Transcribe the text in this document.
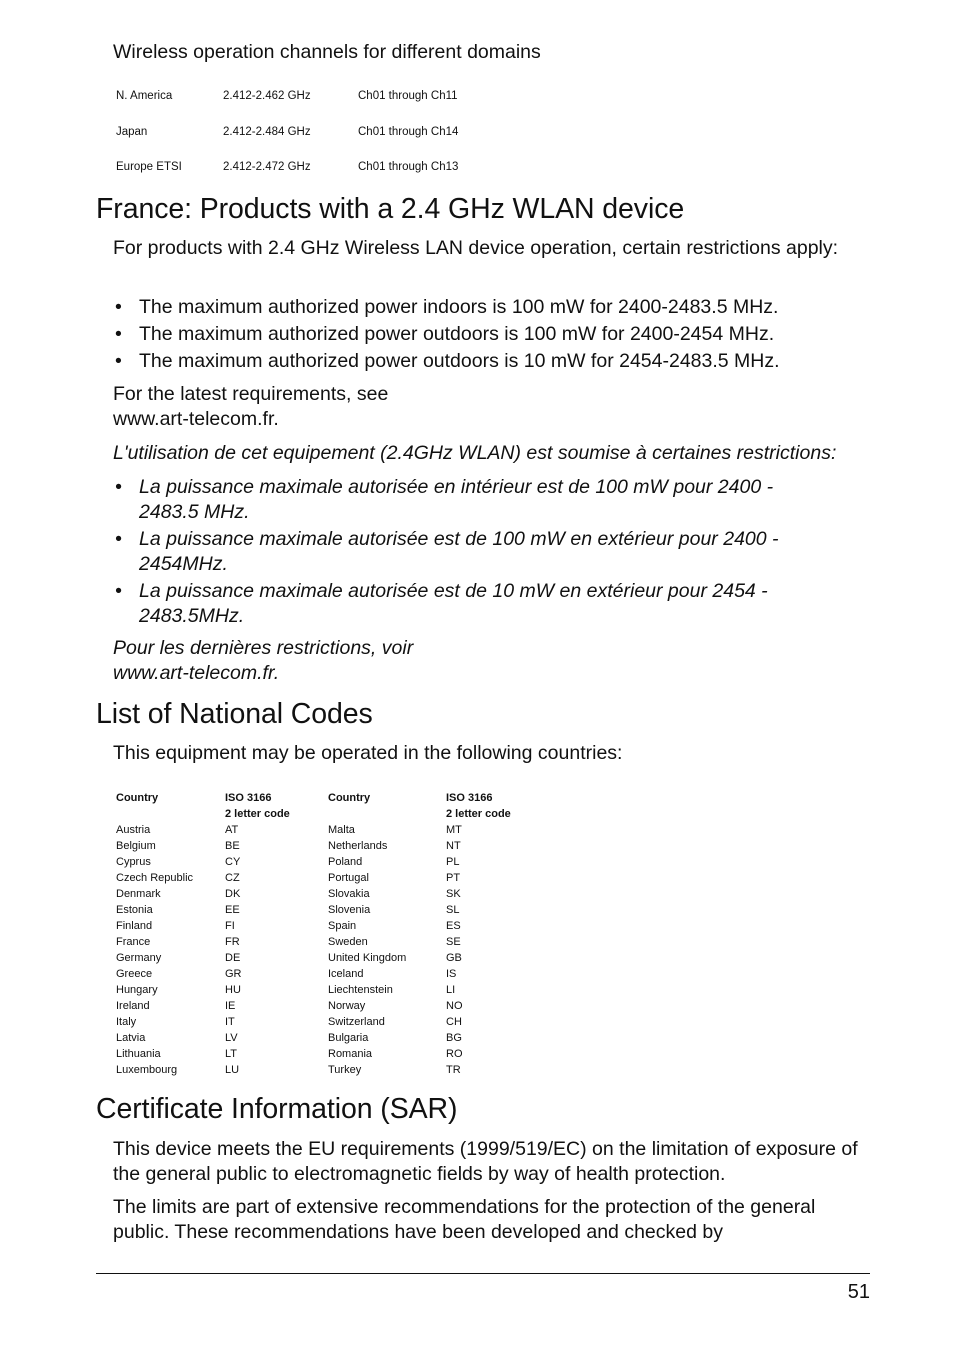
Wireless operation channels for different domains

N. America	2.412-2.462 GHz	Ch01 through Ch11
Japan	2.412-2.484 GHz	Ch01 through Ch14
Europe ETSI	2.412-2.472 GHz	Ch01 through Ch13
France: Products with a 2.4 GHz WLAN device

For products with 2.4 GHz Wireless LAN device operation, certain restrictions apply:

• The maximum authorized power indoors is 100 mW for 2400-2483.5 MHz.
• The maximum authorized power outdoors is 100 mW for 2400-2454 MHz.
• The maximum authorized power outdoors is 10 mW for 2454-2483.5 MHz.

For the latest requirements, see

www.art-telecom.fr.

L'utilisation de cet equipement (2.4GHz WLAN) est soumise à certaines restrictions:

• La puissance maximale autorisée en intérieur est de 100 mW pour 2400 - 2483.5 MHz.
• La puissance maximale autorisée est de 100 mW en extérieur pour 2400 - 2454MHz.
• La puissance maximale autorisée est de 10 mW en extérieur pour 2454 - 2483.5MHz.

Pour les dernières restrictions, voir

www.art-telecom.fr.

List of National Codes

This equipment may be operated in the following countries:

Country	ISO 3166	Country	ISO 3166
	2 letter code		2 letter code
Austria	AT	Malta	MT
Belgium	BE	Netherlands	NT
Cyprus	CY	Poland	PL
Czech Republic	CZ	Portugal	PT
Denmark	DK	Slovakia	SK
Estonia	EE	Slovenia	SL
Finland	FI	Spain	ES
France	FR	Sweden	SE
Germany	DE	United Kingdom	GB
Greece	GR	Iceland	IS
Hungary	HU	Liechtenstein	LI
Ireland	IE	Norway	NO
Italy	IT	Switzerland	CH
Latvia	LV	Bulgaria	BG
Lithuania	LT	Romania	RO
Luxembourg	LU	Turkey	TR
Certificate Information (SAR)

This device meets the EU requirements (1999/519/EC) on the limitation of exposure of the general public to electromagnetic fields by way of health protection.

The limits are part of extensive recommendations for the protection of the general public. These recommendations have been developed and checked by

51
